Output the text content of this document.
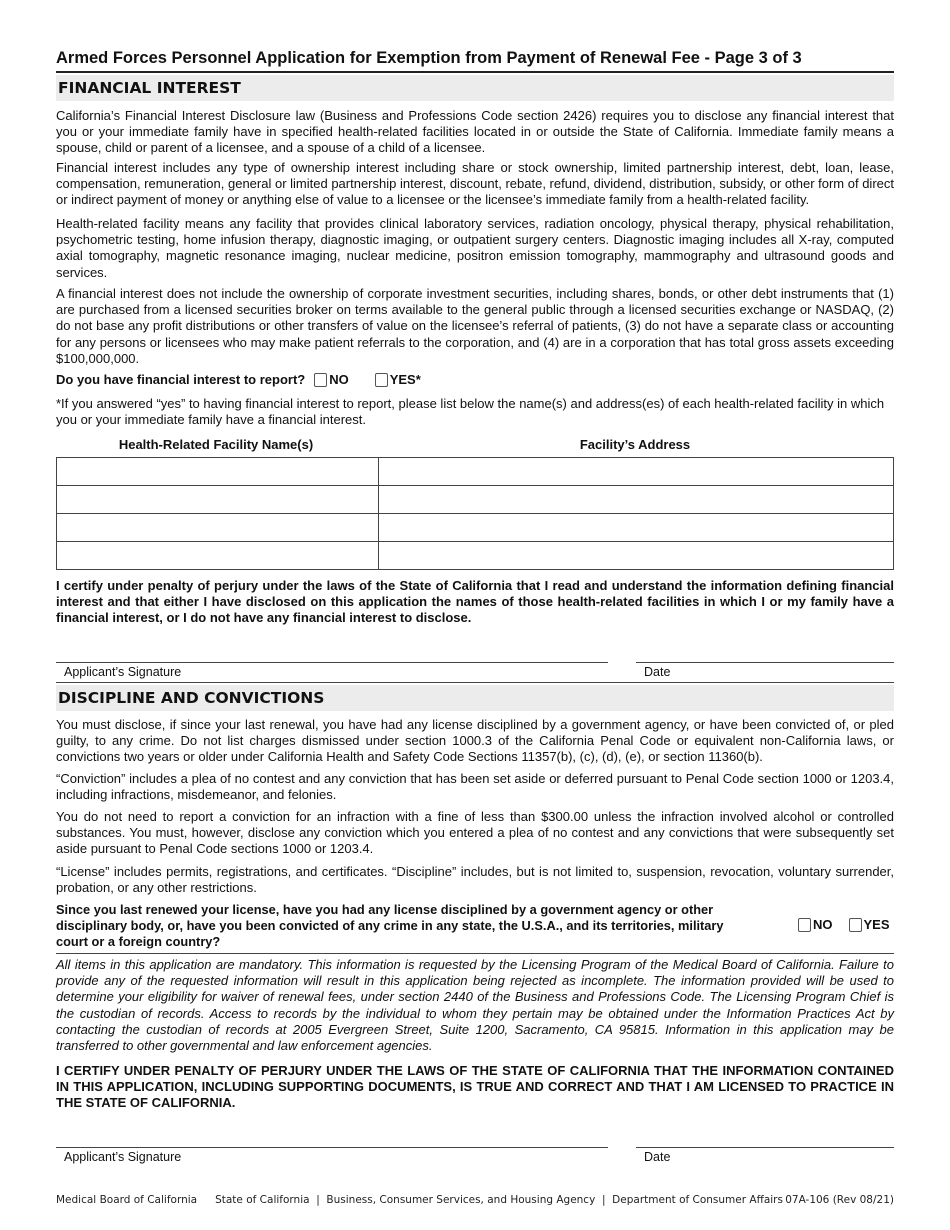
Armed Forces Personnel Application for Exemption from Payment of Renewal Fee - Page 3 of 3
FINANCIAL INTEREST
California’s Financial Interest Disclosure law (Business and Professions Code section 2426) requires you to disclose any financial interest that you or your immediate family have in specified health-related facilities located in or outside the State of California. Immediate family means a spouse, child or parent of a licensee, and a spouse of a child of a licensee.
Financial interest includes any type of ownership interest including share or stock ownership, limited partnership interest, debt, loan, lease, compensation, remuneration, general or limited partnership interest, discount, rebate, refund, dividend, distribution, subsidy, or other form of direct or indirect payment of money or anything else of value to a licensee or the licensee’s immediate family from a health-related facility.
Health-related facility means any facility that provides clinical laboratory services, radiation oncology, physical therapy, physical rehabilitation, psychometric testing, home infusion therapy, diagnostic imaging, or outpatient surgery centers. Diagnostic imaging includes all X-ray, computed axial tomography, magnetic resonance imaging, nuclear medicine, positron emission tomography, mammography and ultrasound goods and services.
A financial interest does not include the ownership of corporate investment securities, including shares, bonds, or other debt instruments that (1) are purchased from a licensed securities broker on terms available to the general public through a licensed securities exchange or NASDAQ, (2) do not base any profit distributions or other transfers of value on the licensee’s referral of patients, (3) do not have a separate class or accounting for any persons or licensees who may make patient referrals to the corporation, and (4) are in a corporation that has total gross assets exceeding $100,000,000.
Do you have financial interest to report? NO	YES*
*If you answered “yes” to having financial interest to report, please list below the name(s) and address(es) of each health-related facility in which you or your immediate family have a financial interest.
Health-Related Facility Name(s)	Facility’s Address

I certify under penalty of perjury under the laws of the State of California that I read and understand the information defining financial interest and that either I have disclosed on this application the names of those health-related facilities in which I or my family have a financial interest, or I do not have any financial interest to disclose.
Applicant’s Signature	Date
DISCIPLINE AND CONVICTIONS
You must disclose, if since your last renewal, you have had any license disciplined by a government agency, or have been convicted of, or pled guilty, to any crime. Do not list charges dismissed under section 1000.3 of the California Penal Code or equivalent non-California laws, or convictions two years or older under California Health and Safety Code Sections 11357(b), (c), (d), (e), or section 11360(b).
“Conviction” includes a plea of no contest and any conviction that has been set aside or deferred pursuant to Penal Code section 1000 or 1203.4, including infractions, misdemeanor, and felonies.
You do not need to report a conviction for an infraction with a fine of less than $300.00 unless the infraction involved alcohol or controlled substances. You must, however, disclose any conviction which you entered a plea of no contest and any convictions that were subsequently set aside pursuant to Penal Code sections 1000 or 1203.4.
“License” includes permits, registrations, and certificates. “Discipline” includes, but is not limited to, suspension, revocation, voluntary surrender, probation, or any other restrictions.
Since you last renewed your license, have you had any license disciplined by a government agency or other
disciplinary body, or, have you been convicted of any crime in any state, the U.S.A., and its territories, military
court or a foreign country?
NO YES
All items in this application are mandatory. This information is requested by the Licensing Program of the Medical Board of California. Failure to provide any of the requested information will result in this application being rejected as incomplete. The information provided will be used to determine your eligibility for waiver of renewal fees, under section 2440 of the Business and Professions Code. The Licensing Program Chief is the custodian of records. Access to records by the individual to whom they pertain may be obtained under the Information Practices Act by contacting the custodian of records at 2005 Evergreen Street, Suite 1200, Sacramento, CA 95815. Information in this application may be transferred to other governmental and law enforcement agencies.
I CERTIFY UNDER PENALTY OF PERJURY UNDER THE LAWS OF THE STATE OF CALIFORNIA THAT THE INFORMATION CONTAINED IN THIS APPLICATION, INCLUDING SUPPORTING DOCUMENTS, IS TRUE AND CORRECT AND THAT I AM LICENSED TO PRACTICE IN THE STATE OF CALIFORNIA.
Applicant’s Signature	Date
Medical Board of California State of California  |  Business, Consumer Services, and Housing Agency  |  Department of Consumer Affairs 07A-106 (Rev 08/21)
